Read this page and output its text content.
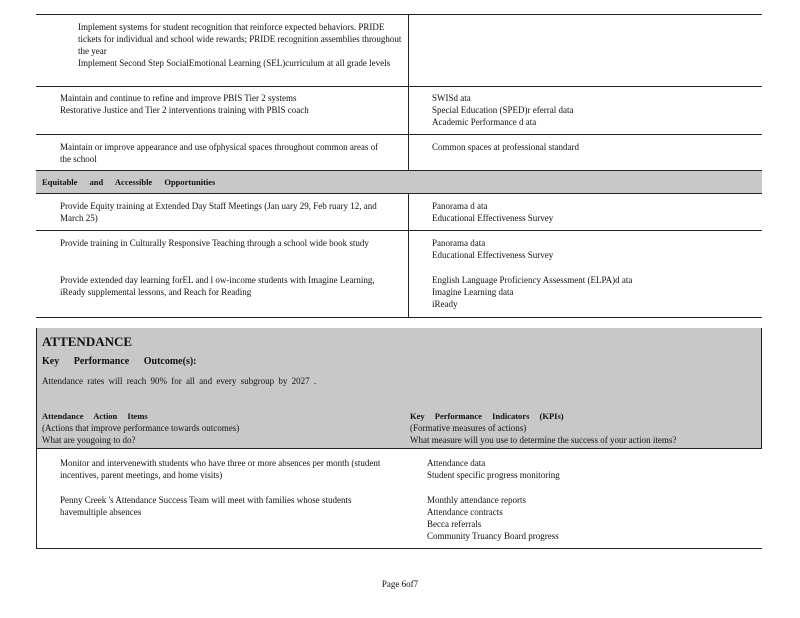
Implement systems for student recognition that reinforce expected behaviors. PRIDE tickets for individual and school wide rewards; PRIDE recognition assemblies throughout the year
Implement Second Step SocialEmotional Learning (SEL)curriculum at all grade levels
Maintain and continue to refine and improve PBIS Tier 2 systems
Restorative Justice and Tier 2 interventions training with PBIS coach
SWISd ata
Special Education (SPED)r eferral data
Academic Performance d ata
Maintain or improve appearance and use ofphysical spaces throughout common areas of the school
Common spaces at professional standard
Equitable and Accessible Opportunities
Provide Equity training at Extended Day Staff Meetings (Jan uary 29, Feb ruary 12, and March 25)
Panorama d ata
Educational Effectiveness Survey
Provide training in Culturally Responsive Teaching through a school wide book study	Panorama data
Educational Effectiveness Survey
Provide extended day learning forEL and l ow-income students with Imagine Learning, iReady supplemental lessons, and Reach for Reading
English Language Proficiency Assessment (ELPA)d ata
Imagine Learning data
iReady
ATTENDANCE
Key Performance Outcome(s):
Attendance rates will reach 90% for all and every subgroup by 2027 .
Attendance Action Items
(Actions that improve performance towards outcomes)
What are yougoing to do?
Key Performance Indicators (KPIs)
(Formative measures of actions)
What measure will you use to determine the success of your action items?
Monitor and intervenewith students who have three or more absences per month (student incentives, parent meetings, and home visits)
Penny Creek 's Attendance Success Team will meet with families whose students havemultiple absences
Attendance data
Student specific progress monitoring
Monthly attendance reports
Attendance contracts
Becca referrals
Community Truancy Board progress
Page 6of7
